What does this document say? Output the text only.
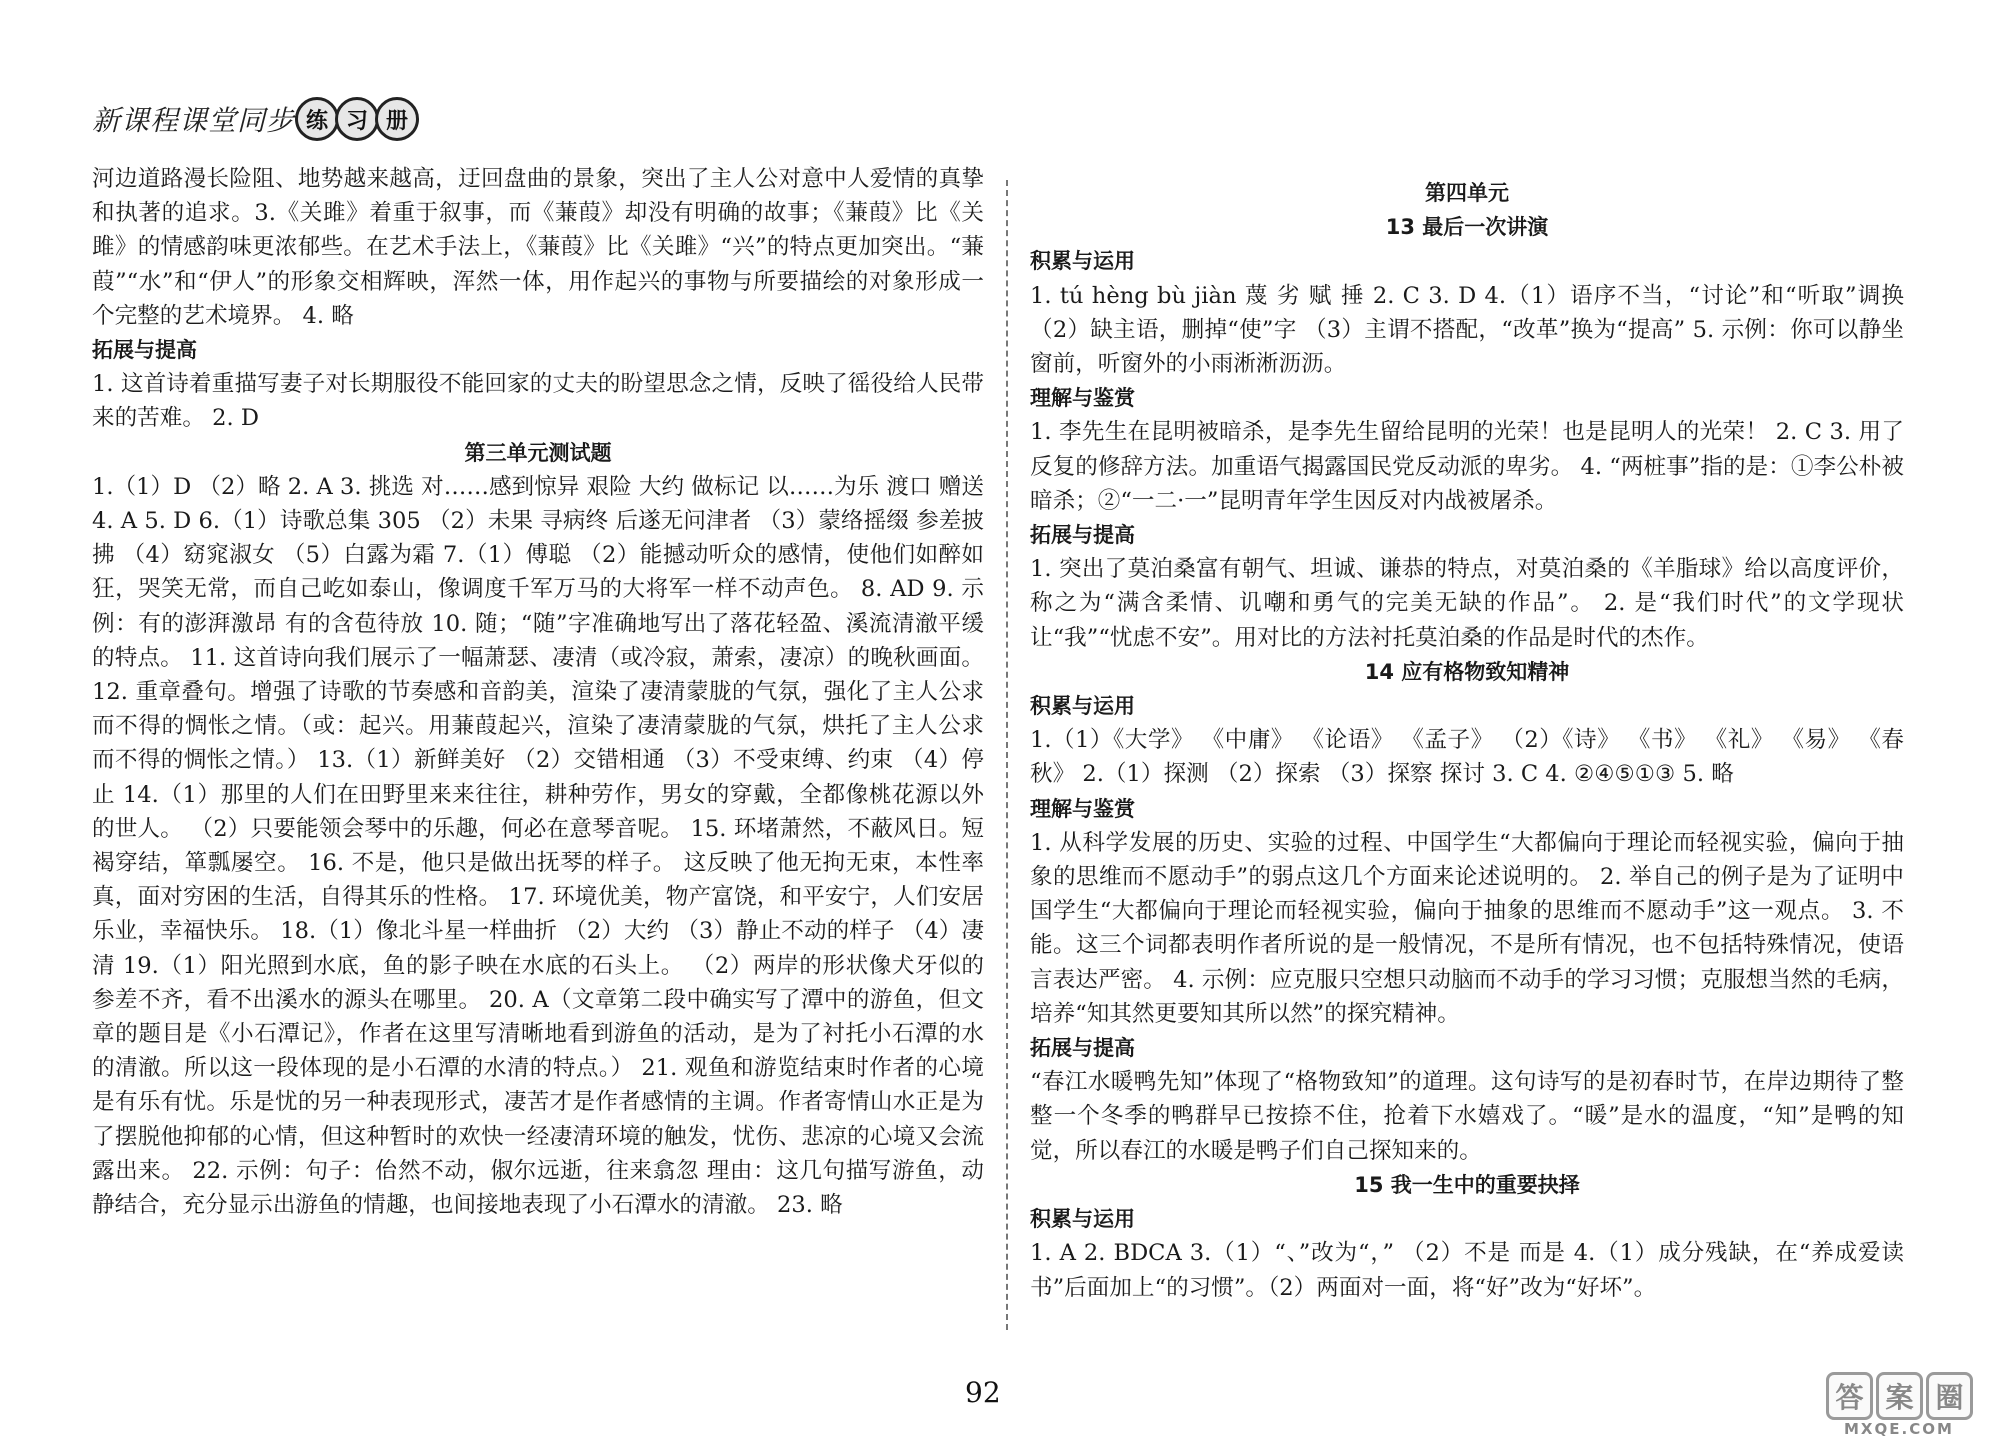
新课程课堂同步 练 习 册

河边道路漫长险阻、地势越来越高，迂回盘曲的景象，突出了主人公对意中人爱情的真挚和执著的追求。3.《关雎》着重于叙事，而《蒹葭》却没有明确的故事；《蒹葭》比《关雎》的情感韵味更浓郁些。在艺术手法上，《蒹葭》比《关雎》“兴”的特点更加突出。“蒹葭”“水”和“伊人”的形象交相辉映，浑然一体，用作起兴的事物与所要描绘的对象形成一个完整的艺术境界。 4. 略

拓展与提高

1. 这首诗着重描写妻子对长期服役不能回家的丈夫的盼望思念之情，反映了徭役给人民带来的苦难。 2. D

第三单元测试题

1.（1）D （2）略 2. A 3. 挑选 对……感到惊异 艰险 大约 做标记 以……为乐 渡口 赠送 4. A 5. D 6.（1）诗歌总集 305 （2）未果 寻病终 后遂无问津者 （3）蒙络摇缀 参差披拂 （4）窈窕淑女 （5）白露为霜 7.（1）傅聪 （2）能撼动听众的感情，使他们如醉如狂，哭笑无常，而自己屹如泰山，像调度千军万马的大将军一样不动声色。 8. AD 9. 示例：有的澎湃激昂 有的含苞待放 10. 随；“随”字准确地写出了落花轻盈、溪流清澈平缓的特点。 11. 这首诗向我们展示了一幅萧瑟、凄清（或冷寂，萧索，凄凉）的晚秋画面。 12. 重章叠句。增强了诗歌的节奏感和音韵美，渲染了凄清蒙胧的气氛，强化了主人公求而不得的惆怅之情。（或：起兴。用蒹葭起兴，渲染了凄清蒙胧的气氛，烘托了主人公求而不得的惆怅之情。） 13.（1）新鲜美好 （2）交错相通 （3）不受束缚、约束 （4）停止 14.（1）那里的人们在田野里来来往往，耕种劳作，男女的穿戴，全都像桃花源以外的世人。 （2）只要能领会琴中的乐趣，何必在意琴音呢。 15. 环堵萧然，不蔽风日。短褐穿结，箪瓢屡空。 16. 不是，他只是做出抚琴的样子。 这反映了他无拘无束，本性率真，面对穷困的生活，自得其乐的性格。 17. 环境优美，物产富饶，和平安宁，人们安居乐业，幸福快乐。 18.（1）像北斗星一样曲折 （2）大约 （3）静止不动的样子 （4）凄清 19.（1）阳光照到水底，鱼的影子映在水底的石头上。 （2）两岸的形状像犬牙似的参差不齐，看不出溪水的源头在哪里。 20. A（文章第二段中确实写了潭中的游鱼，但文章的题目是《小石潭记》，作者在这里写清晰地看到游鱼的活动，是为了衬托小石潭的水的清澈。所以这一段体现的是小石潭的水清的特点。） 21. 观鱼和游览结束时作者的心境是有乐有忧。乐是忧的另一种表现形式，凄苦才是作者感情的主调。作者寄情山水正是为了摆脱他抑郁的心情，但这种暂时的欢快一经凄清环境的触发，忧伤、悲凉的心境又会流露出来。 22. 示例：句子：佁然不动，俶尔远逝，往来翕忽 理由：这几句描写游鱼，动静结合，充分显示出游鱼的情趣，也间接地表现了小石潭水的清澈。 23. 略

第四单元

13 最后一次讲演

积累与运用

1. tú hèng bù jiàn 蔑 劣 赋 捶 2. C 3. D 4.（1）语序不当，“讨论”和“听取”调换 （2）缺主语，删掉“使”字 （3）主谓不搭配，“改革”换为“提高” 5. 示例：你可以静坐窗前，听窗外的小雨淅淅沥沥。

理解与鉴赏

1. 李先生在昆明被暗杀，是李先生留给昆明的光荣！也是昆明人的光荣！ 2. C 3. 用了反复的修辞方法。加重语气揭露国民党反动派的卑劣。 4. “两桩事”指的是：①李公朴被暗杀；②“一二·一”昆明青年学生因反对内战被屠杀。

拓展与提高

1. 突出了莫泊桑富有朝气、坦诚、谦恭的特点，对莫泊桑的《羊脂球》给以高度评价，称之为“满含柔情、讥嘲和勇气的完美无缺的作品”。 2. 是“我们时代”的文学现状让“我”“忧虑不安”。用对比的方法衬托莫泊桑的作品是时代的杰作。

14 应有格物致知精神

积累与运用

1.（1）《大学》 《中庸》 《论语》 《孟子》 （2）《诗》 《书》 《礼》 《易》 《春秋》 2.（1）探测 （2）探索 （3）探察 探讨 3. C 4. ②④⑤①③ 5. 略

理解与鉴赏

1. 从科学发展的历史、实验的过程、中国学生“大都偏向于理论而轻视实验，偏向于抽象的思维而不愿动手”的弱点这几个方面来论述说明的。 2. 举自己的例子是为了证明中国学生“大都偏向于理论而轻视实验，偏向于抽象的思维而不愿动手”这一观点。 3. 不能。这三个词都表明作者所说的是一般情况，不是所有情况，也不包括特殊情况，使语言表达严密。 4. 示例：应克服只空想只动脑而不动手的学习习惯；克服想当然的毛病，培养“知其然更要知其所以然”的探究精神。

拓展与提高

“春江水暖鸭先知”体现了“格物致知”的道理。这句诗写的是初春时节，在岸边期待了整整一个冬季的鸭群早已按捺不住，抢着下水嬉戏了。“暖”是水的温度，“知”是鸭的知觉，所以春江的水暖是鸭子们自己探知来的。

15 我一生中的重要抉择

积累与运用

1. A 2. BDCA 3.（1）“、”改为“，” （2）不是 而是 4.（1）成分残缺，在“养成爱读书”后面加上“的习惯”。（2）两面对一面，将“好”改为“好坏”。

92	答 案 圈
MXQE.COM
